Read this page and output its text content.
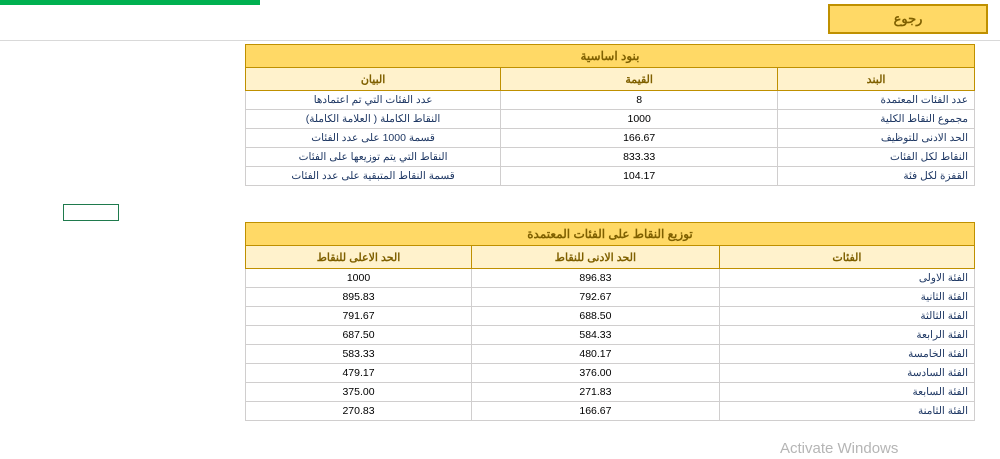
رجوع
بنود اساسية
البند	القيمة	البيان
عدد الفئات المعتمدة	8	عدد الفئات التي تم اعتمادها
مجموع النقاط الكلية	1000	النقاط الكاملة ( العلامة الكاملة)
الحد الادنى للتوظيف	166.67	قسمة 1000 على عدد الفئات
النقاط لكل الفئات	833.33	النقاط التي يتم توزيعها على الفئات
القفزة لكل فئة	104.17	قسمة النقاط المتبقية على عدد الفئات
توزيع النقاط على الفئات المعتمدة
الفئات	الحد الادنى للنقاط	الحد الاعلى للنقاط
الفئة الاولى	896.83	1000
الفئة الثانية	792.67	895.83
الفئة الثالثة	688.50	791.67
الفئة الرابعة	584.33	687.50
الفئة الخامسة	480.17	583.33
الفئة السادسة	376.00	479.17
الفئة السابعة	271.83	375.00
الفئة الثامنة	166.67	270.83
Activate Windows
